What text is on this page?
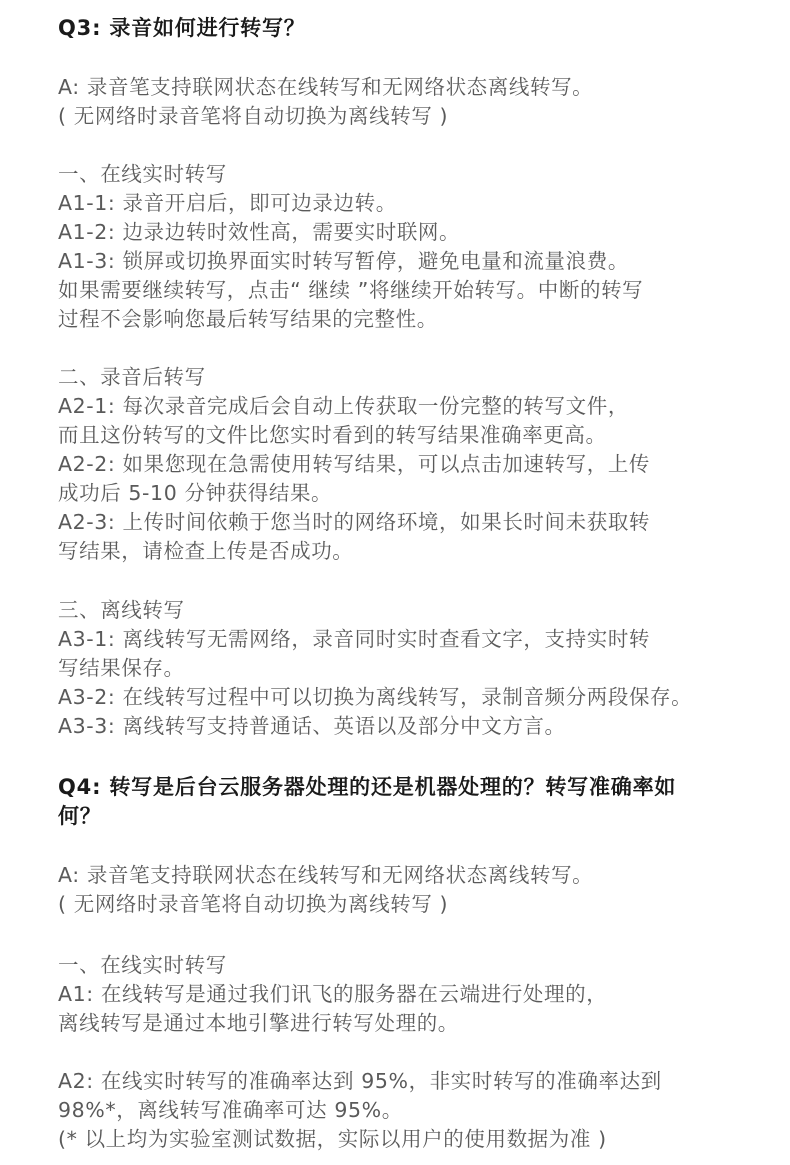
Q3: 录音如何进行转写？
A: 录音笔支持联网状态在线转写和无网络状态离线转写。
( 无网络时录音笔将自动切换为离线转写 )
一、在线实时转写
A1-1: 录音开启后，即可边录边转。
A1-2: 边录边转时效性高，需要实时联网。
A1-3: 锁屏或切换界面实时转写暂停，避免电量和流量浪费。
如果需要继续转写，点击“ 继续 ”将继续开始转写。中断的转写
过程不会影响您最后转写结果的完整性。
二、录音后转写
A2-1: 每次录音完成后会自动上传获取一份完整的转写文件，
而且这份转写的文件比您实时看到的转写结果准确率更高。
A2-2: 如果您现在急需使用转写结果，可以点击加速转写，上传
成功后 5-10 分钟获得结果。
A2-3: 上传时间依赖于您当时的网络环境，如果长时间未获取转
写结果，请检查上传是否成功。
三、离线转写
A3-1: 离线转写无需网络，录音同时实时查看文字，支持实时转
写结果保存。
A3-2: 在线转写过程中可以切换为离线转写，录制音频分两段保存。
A3-3: 离线转写支持普通话、英语以及部分中文方言。
Q4: 转写是后台云服务器处理的还是机器处理的？转写准确率如
何？
A: 录音笔支持联网状态在线转写和无网络状态离线转写。
( 无网络时录音笔将自动切换为离线转写 )
一、在线实时转写
A1: 在线转写是通过我们讯飞的服务器在云端进行处理的，
离线转写是通过本地引擎进行转写处理的。
A2: 在线实时转写的准确率达到 95%，非实时转写的准确率达到
98%*，离线转写准确率可达 95%。
(* 以上均为实验室测试数据，实际以用户的使用数据为准 )
